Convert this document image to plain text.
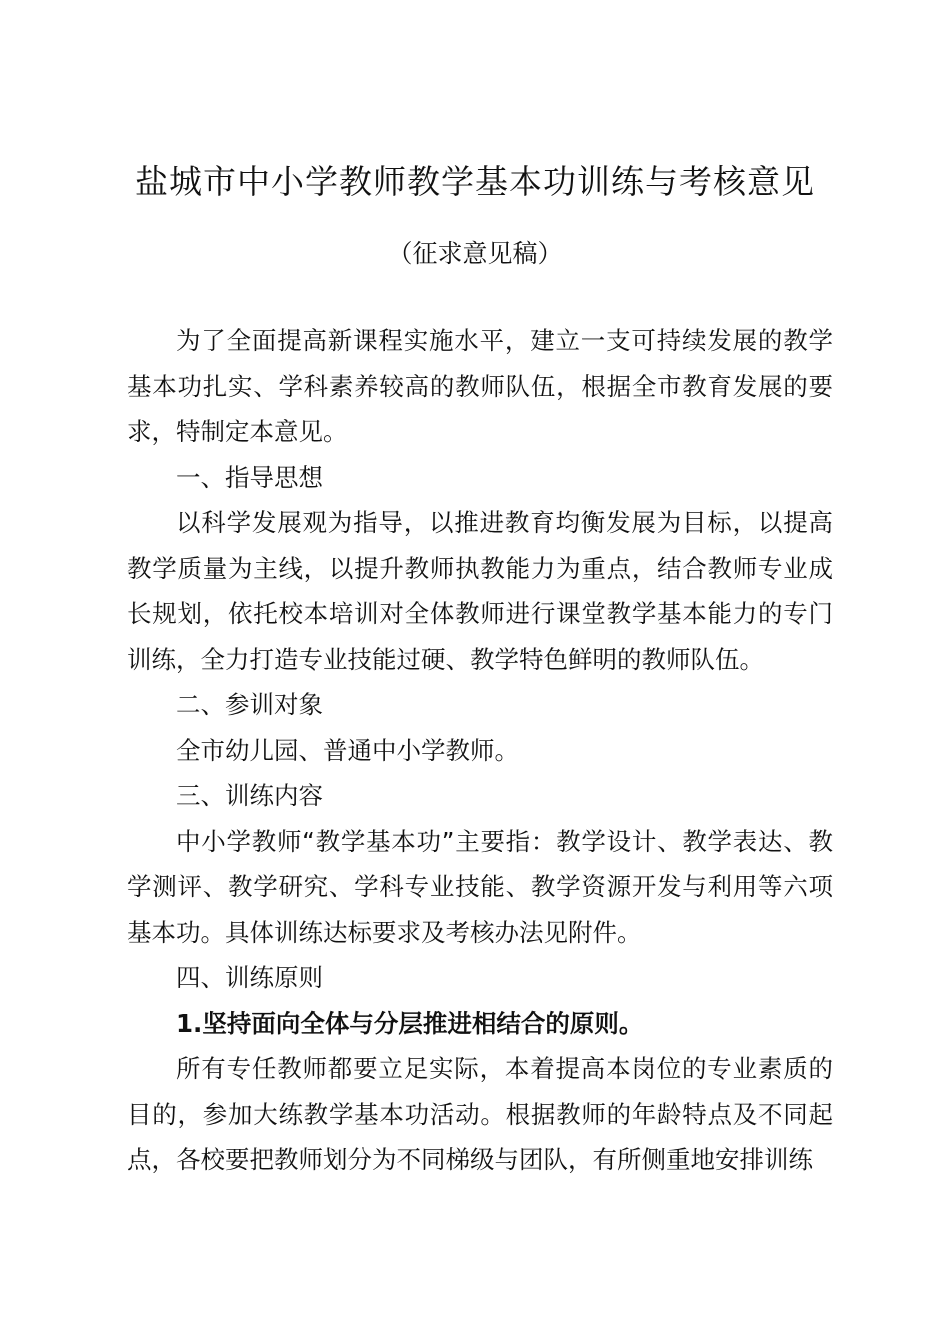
盐城市中小学教师教学基本功训练与考核意见
（征求意见稿）

为了全面提高新课程实施水平，建立一支可持续发展的教学基本功扎实、学科素养较高的教师队伍，根据全市教育发展的要求，特制定本意见。

一、指导思想

以科学发展观为指导，以推进教育均衡发展为目标，以提高教学质量为主线，以提升教师执教能力为重点，结合教师专业成长规划，依托校本培训对全体教师进行课堂教学基本能力的专门训练，全力打造专业技能过硬、教学特色鲜明的教师队伍。

二、参训对象

全市幼儿园、普通中小学教师。

三、训练内容

中小学教师“教学基本功”主要指：教学设计、教学表达、教学测评、教学研究、学科专业技能、教学资源开发与利用等六项基本功。具体训练达标要求及考核办法见附件。

四、训练原则

1.坚持面向全体与分层推进相结合的原则。

所有专任教师都要立足实际，本着提高本岗位的专业素质的目的，参加大练教学基本功活动。根据教师的年龄特点及不同起点，各校要把教师划分为不同梯级与团队，有所侧重地安排训练
